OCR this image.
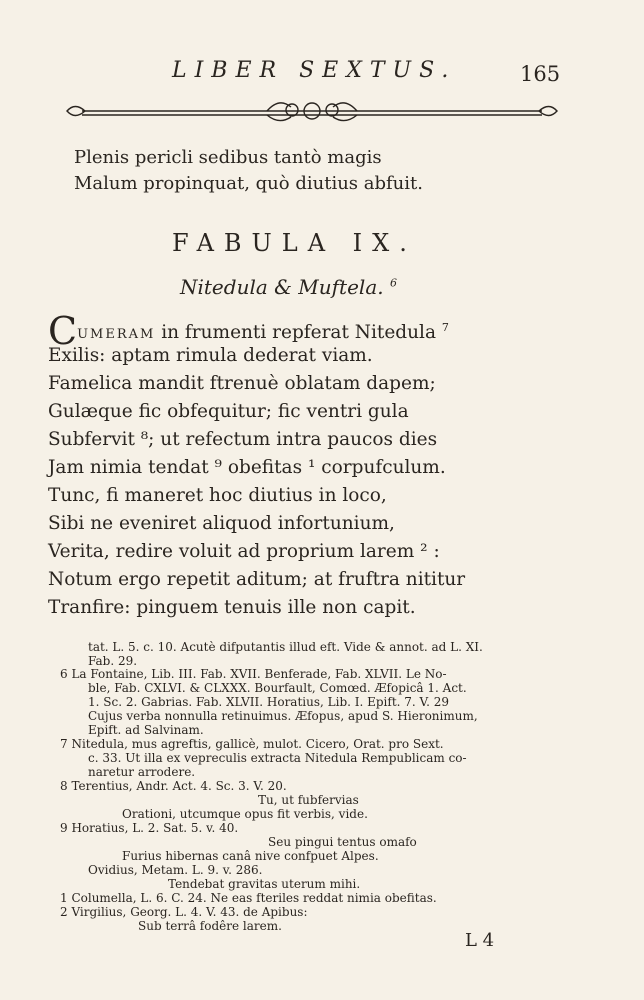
LIBER SEXTUS.	165
Plenis pericli sedibus tantò magis
Malum propinquat, quò diutius abfuit.
FABULA IX.
Nitedula & Muftela. $^6$
CUMERAM in frumenti repferat Nitedula $^7$
Exilis: aptam rimula dederat viam.
Famelica mandit ftrenuè oblatam dapem;
Gulæque fic obfequitur; fic ventri gula
Subfervit ⁸; ut refectum intra paucos dies
Jam nimia tendat ⁹ obefitas ¹ corpufculum.
Tunc, fi maneret hoc diutius in loco,
Sibi ne eveniret aliquod infortunium,
Verita, redire voluit ad proprium larem ² :
Notum ergo repetit aditum; at fruftra nititur
Tranfire: pinguem tenuis ille non capit.
tat. L. 5. c. 10. Acutè difputantis illud eft. Vide & annot. ad L. XI.
Fab. 29.
6 La Fontaine, Lib. III. Fab. XVII. Benferade, Fab. XLVII. Le No-
ble, Fab. CXLVI. & CLXXX. Bourfault, Comœd. Æfopicâ 1. Act.
1. Sc. 2. Gabrias. Fab. XLVII. Horatius, Lib. I. Epift. 7. V. 29
Cujus verba nonnulla retinuimus. Æfopus, apud S. Hieronimum,
Epift. ad Salvinam.
7 Nitedula, mus agreftis, gallicè, mulot. Cicero, Orat. pro Sext.
c. 33. Ut illa ex vepreculis extracta Nitedula Rempublicam co-
naretur arrodere.
8 Terentius, Andr. Act. 4. Sc. 3. V. 20.
Tu, ut fubfervias
Orationi, utcumque opus fit verbis, vide.
9 Horatius, L. 2. Sat. 5. v. 40.
Seu pingui tentus omafo
Furius hibernas canâ nive confpuet Alpes.
Ovidius, Metam. L. 9. v. 286.
Tendebat gravitas uterum mihi.
1 Columella, L. 6. C. 24. Ne eas fteriles reddat nimia obefitas.
2 Virgilius, Georg. L. 4. V. 43. de Apibus:
Sub terrâ fodêre larem.
L 4
